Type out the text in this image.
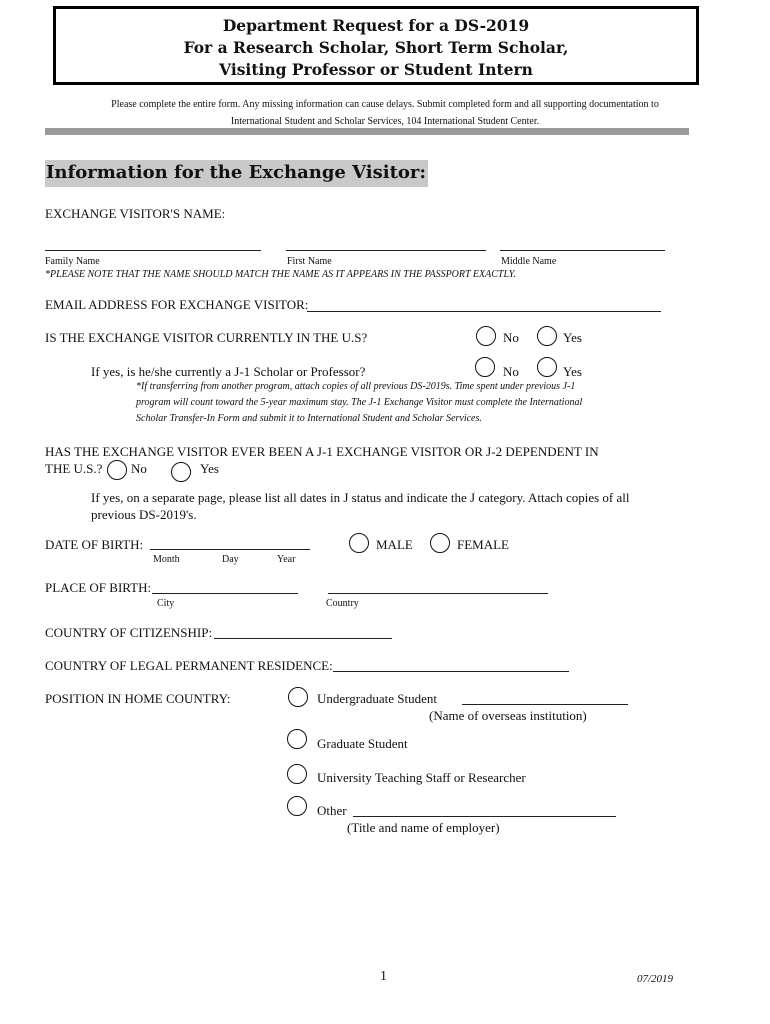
Department Request for a DS-2019
For a Research Scholar, Short Term Scholar,
Visiting Professor or Student Intern
Please complete the entire form. Any missing information can cause delays. Submit completed form and all supporting documentation to
International Student and Scholar Services, 104 International Student Center.
Information for the Exchange Visitor:
EXCHANGE VISITOR'S NAME:
Family Name	First Name	Middle Name
*PLEASE NOTE THAT THE NAME SHOULD MATCH THE NAME AS IT APPEARS IN THE PASSPORT EXACTLY.
EMAIL ADDRESS FOR EXCHANGE VISITOR:
IS THE EXCHANGE VISITOR CURRENTLY IN THE U.S?	No	Yes
If yes, is he/she currently a J-1 Scholar or Professor?	No	Yes
*If transferring from another program, attach copies of all previous DS-2019s. Time spent under previous J-1
program will count toward the 5-year maximum stay. The J-1 Exchange Visitor must complete the International
Scholar Transfer-In Form and submit it to International Student and Scholar Services.
HAS THE EXCHANGE VISITOR EVER BEEN A J-1 EXCHANGE VISITOR OR J-2 DEPENDENT IN
THE U.S.? No	Yes
If yes, on a separate page, please list all dates in J status and indicate the J category. Attach copies of all
previous DS-2019's.
DATE OF BIRTH:
Month	Day	Year
MALE	FEMALE
PLACE OF BIRTH:
City	Country
COUNTRY OF CITIZENSHIP:
COUNTRY OF LEGAL PERMANENT RESIDENCE:
POSITION IN HOME COUNTRY:	Undergraduate Student
(Name of overseas institution)
Graduate Student
University Teaching Staff or Researcher
Other
(Title and name of employer)
1	07/2019
